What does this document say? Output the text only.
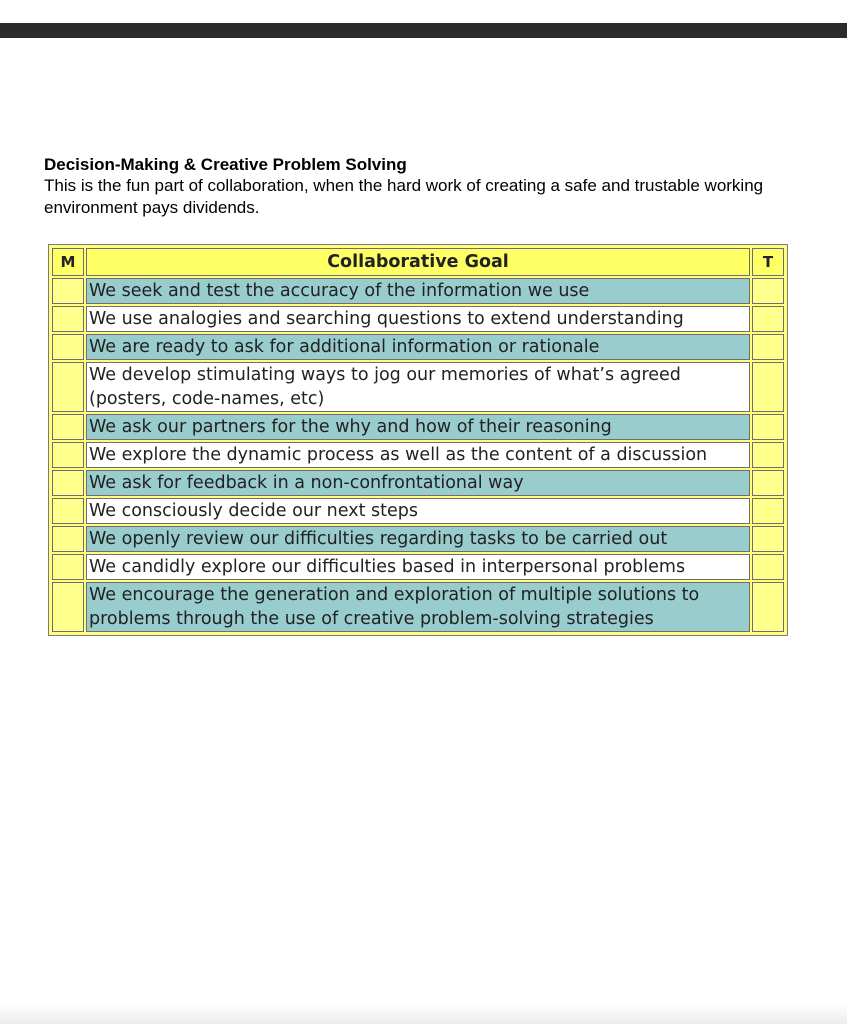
Decision-Making & Creative Problem Solving

This is the fun part of collaboration, when the hard work of creating a safe and trustable working environment pays dividends.

M	Collaborative Goal	T
	We seek and test the accuracy of the information we use	
	We use analogies and searching questions to extend understanding	
	We are ready to ask for additional information or rationale	
	We develop stimulating ways to jog our memories of what’s agreed (posters, code-names, etc)	
	We ask our partners for the why and how of their reasoning	
	We explore the dynamic process as well as the content of a discussion	
	We ask for feedback in a non-confrontational way	
	We consciously decide our next steps	
	We openly review our difficulties regarding tasks to be carried out	
	We candidly explore our difficulties based in interpersonal problems	
	We encourage the generation and exploration of multiple solutions to problems through the use of creative problem-solving strategies	
